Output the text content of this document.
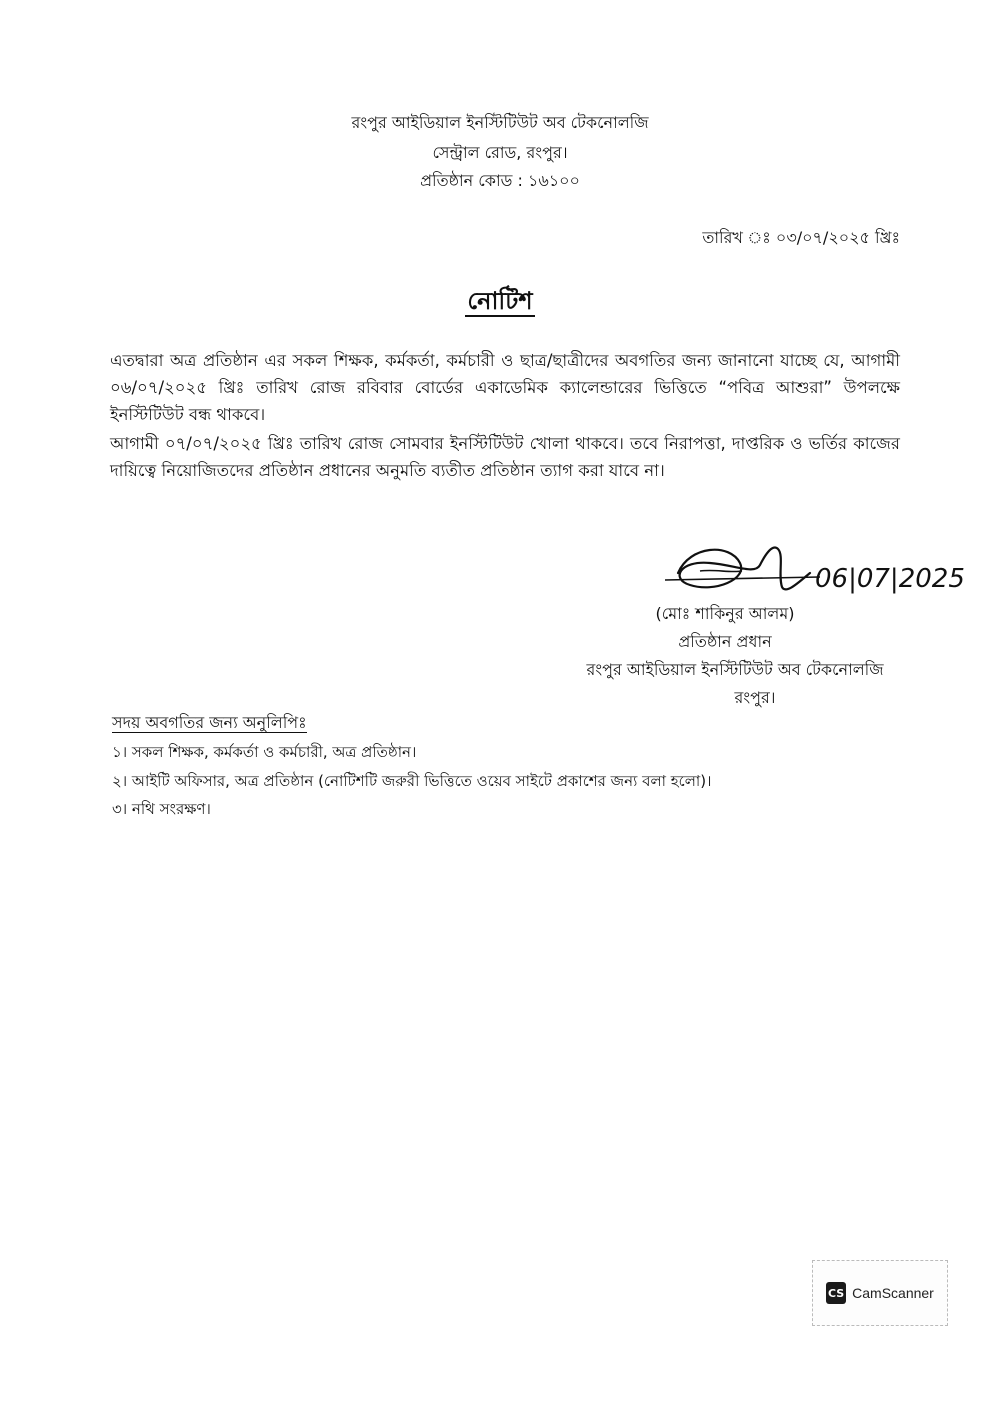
রংপুর আইডিয়াল ইনস্টিটিউট অব টেকনোলজি
সেন্ট্রাল রোড, রংপুর।
প্রতিষ্ঠান কোড : ১৬১০০
তারিখ ঃ ০৩/০৭/২০২৫ খ্রিঃ
নোটিশ
এতদ্বারা অত্র প্রতিষ্ঠান এর সকল শিক্ষক, কর্মকর্তা, কর্মচারী ও ছাত্র/ছাত্রীদের অবগতির জন্য জানানো যাচ্ছে যে, আগামী ০৬/০৭/২০২৫ খ্রিঃ তারিখ রোজ রবিবার বোর্ডের একাডেমিক ক্যালেন্ডারের ভিত্তিতে “পবিত্র আশুরা” উপলক্ষে ইনস্টিটিউট বন্ধ থাকবে।
আগামী ০৭/০৭/২০২৫ খ্রিঃ তারিখ রোজ সোমবার ইনস্টিটিউট খোলা থাকবে। তবে নিরাপত্তা, দাপ্তরিক ও ভর্তির কাজের দায়িত্বে নিয়োজিতদের প্রতিষ্ঠান প্রধানের অনুমতি ব্যতীত প্রতিষ্ঠান ত্যাগ করা যাবে না।
06|07|2025
(মোঃ শাকিনুর আলম)
প্রতিষ্ঠান প্রধান
রংপুর আইডিয়াল ইনস্টিটিউট অব টেকনোলজি
রংপুর।
সদয় অবগতির জন্য অনুলিপিঃ
১। সকল শিক্ষক, কর্মকর্তা ও কর্মচারী, অত্র প্রতিষ্ঠান।
২। আইটি অফিসার, অত্র প্রতিষ্ঠান (নোটিশটি জরুরী ভিত্তিতে ওয়েব সাইটে প্রকাশের জন্য বলা হলো)।
৩। নথি সংরক্ষণ।
CS CamScanner
